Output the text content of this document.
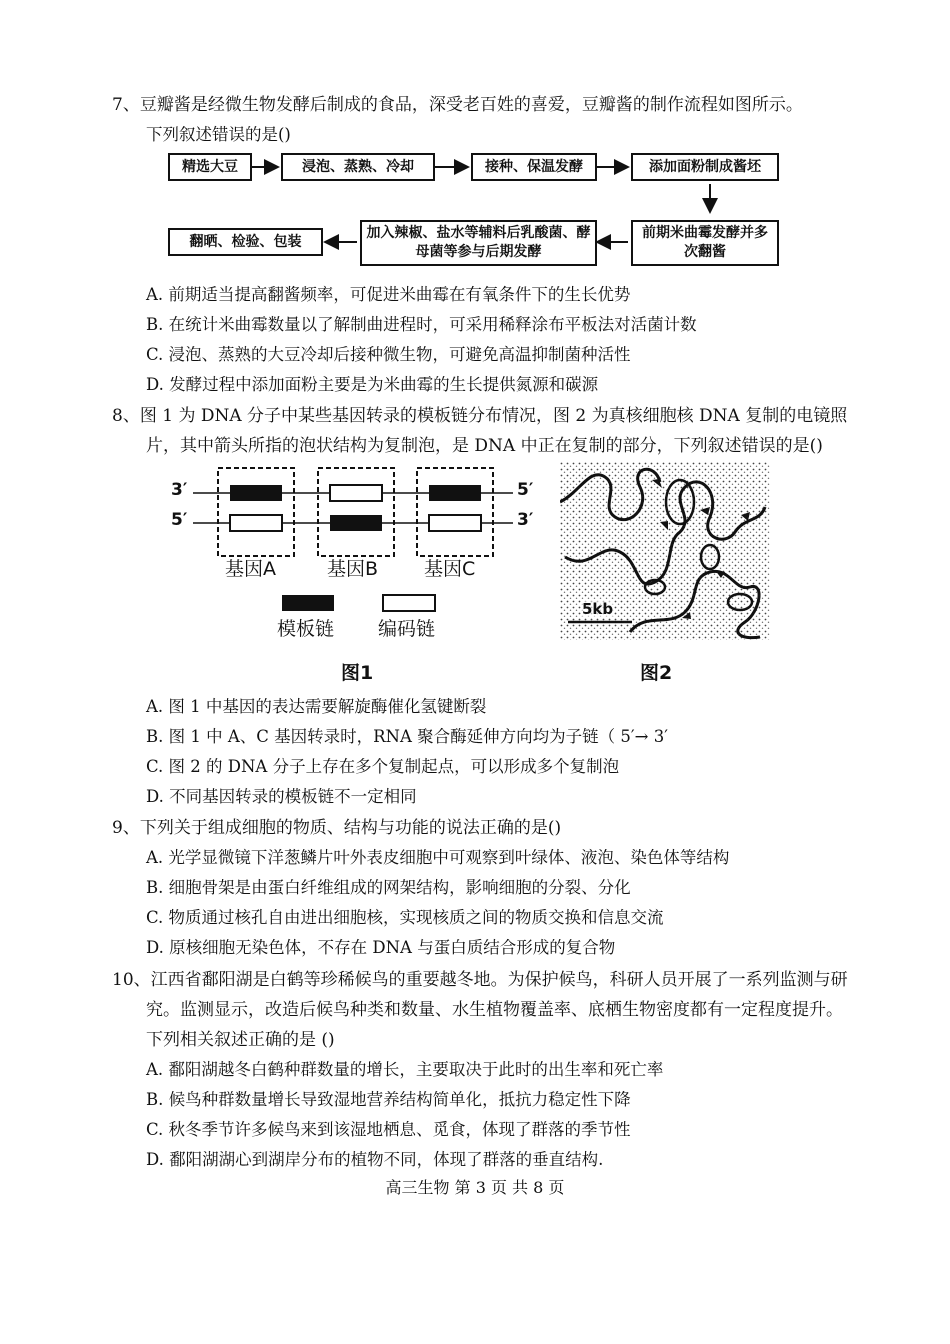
7、豆瓣酱是经微生物发酵后制成的食品，深受老百姓的喜爱，豆瓣酱的制作流程如图所示。

下列叙述错误的是()

精选大豆	浸泡、蒸熟、冷却	接种、保温发酵	添加面粉制成酱坯
前期米曲霉发酵并多次翻酱
加入辣椒、盐水等辅料后乳酸菌、酵母菌等参与后期发酵
翻晒、检验、包装

A. 前期适当提高翻酱频率，可促进米曲霉在有氧条件下的生长优势

B. 在统计米曲霉数量以了解制曲进程时，可采用稀释涂布平板法对活菌计数

C. 浸泡、蒸熟的大豆冷却后接种微生物，可避免高温抑制菌种活性

D. 发酵过程中添加面粉主要是为米曲霉的生长提供氮源和碳源

8、图 1 为 DNA 分子中某些基因转录的模板链分布情况，图 2 为真核细胞核 DNA 复制的电镜照片，其中箭头所指的泡状结构为复制泡，是 DNA 中正在复制的部分，下列叙述错误的是()

3′	5′
5′	3′
基因A	基因B 基因C
模板链 编码链
图1
5kb
图2

A. 图 1 中基因的表达需要解旋酶催化氢键断裂

B. 图 1 中 A、C 基因转录时，RNA 聚合酶延伸方向均为子链（ 5′→ 3′

C. 图 2 的 DNA 分子上存在多个复制起点，可以形成多个复制泡

D. 不同基因转录的模板链不一定相同

9、下列关于组成细胞的物质、结构与功能的说法正确的是()

A. 光学显微镜下洋葱鳞片叶外表皮细胞中可观察到叶绿体、液泡、染色体等结构

B. 细胞骨架是由蛋白纤维组成的网架结构，影响细胞的分裂、分化

C. 物质通过核孔自由进出细胞核，实现核质之间的物质交换和信息交流

D. 原核细胞无染色体，不存在 DNA 与蛋白质结合形成的复合物

10、江西省鄱阳湖是白鹤等珍稀候鸟的重要越冬地。为保护候鸟，科研人员开展了一系列监测与研究。监测显示，改造后候鸟种类和数量、水生植物覆盖率、底栖生物密度都有一定程度提升。下列相关叙述正确的是 ()

A. 鄱阳湖越冬白鹤种群数量的增长，主要取决于此时的出生率和死亡率

B. 候鸟种群数量增长导致湿地营养结构简单化，抵抗力稳定性下降

C. 秋冬季节许多候鸟来到该湿地栖息、觅食，体现了群落的季节性

D. 鄱阳湖湖心到湖岸分布的植物不同，体现了群落的垂直结构.

高三生物 第 3 页 共 8 页
